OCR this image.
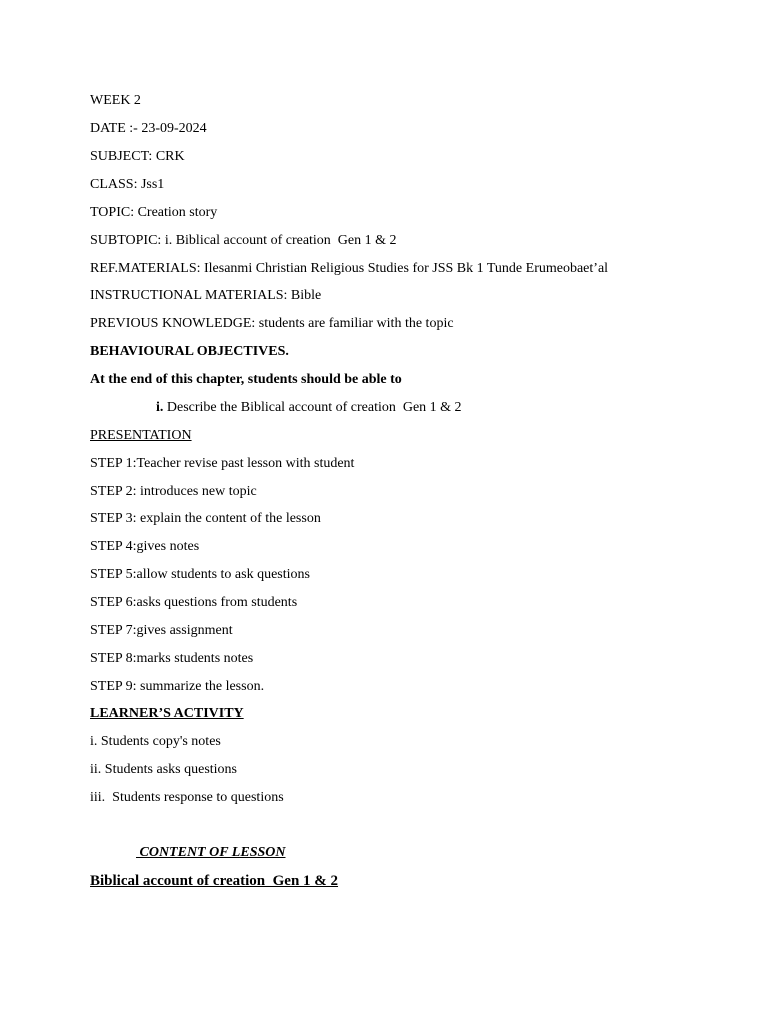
WEEK 2
DATE :- 23-09-2024
SUBJECT: CRK
CLASS: Jss1
TOPIC: Creation story
SUBTOPIC: i. Biblical account of creation  Gen 1 & 2
REF.MATERIALS: Ilesanmi Christian Religious Studies for JSS Bk 1 Tunde Erumeobaet’al
INSTRUCTIONAL MATERIALS: Bible
PREVIOUS KNOWLEDGE: students are familiar with the topic
BEHAVIOURAL OBJECTIVES.
At the end of this chapter, students should be able to
i. Describe the Biblical account of creation  Gen 1 & 2
PRESENTATION
STEP 1:Teacher revise past lesson with student
STEP 2: introduces new topic
STEP 3: explain the content of the lesson
STEP 4:gives notes
STEP 5:allow students to ask questions
STEP 6:asks questions from students
STEP 7:gives assignment
STEP 8:marks students notes
STEP 9: summarize the lesson.
LEARNER’S ACTIVITY
i. Students copy's notes
ii. Students asks questions
iii.  Students response to questions
CONTENT OF LESSON
Biblical account of creation  Gen 1 & 2
